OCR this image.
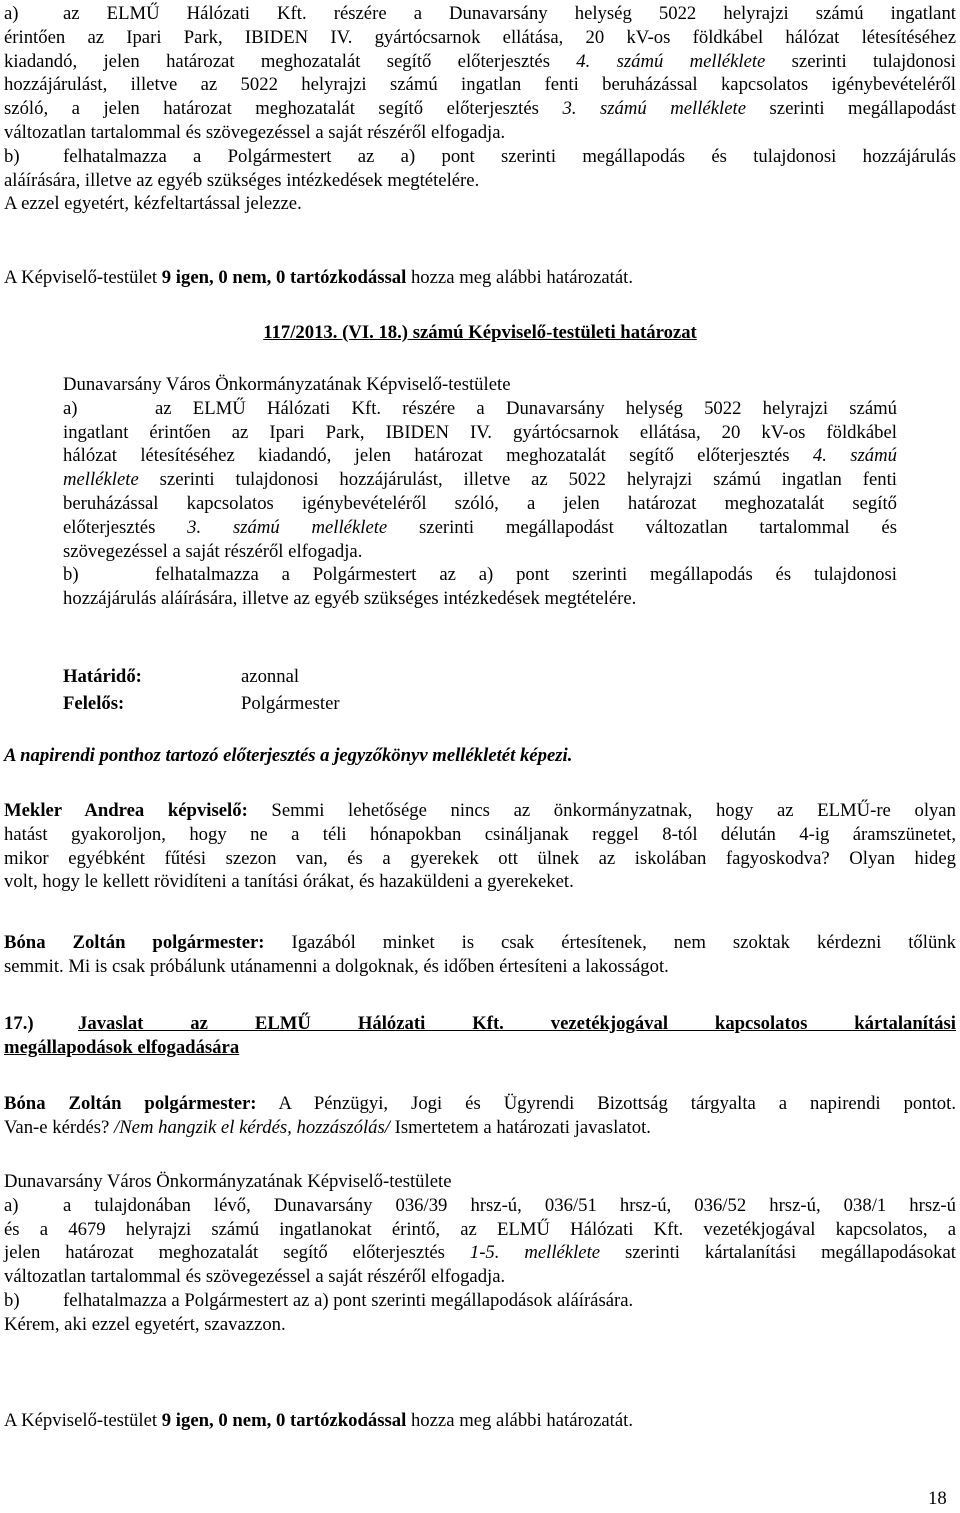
a) az ELMŰ Hálózati Kft. részére a Dunavarsány helység 5022 helyrajzi számú ingatlant
érintően az Ipari Park, IBIDEN IV. gyártócsarnok ellátása, 20 kV-os földkábel hálózat létesítéséhez
kiadandó, jelen határozat meghozatalát segítő előterjesztés 4. számú melléklete szerinti tulajdonosi
hozzájárulást, illetve az 5022 helyrajzi számú ingatlan fenti beruházással kapcsolatos igénybevételéről
szóló, a jelen határozat meghozatalát segítő előterjesztés 3. számú melléklete szerinti megállapodást
változatlan tartalommal és szövegezéssel a saját részéről elfogadja.
b) felhatalmazza a Polgármestert az a) pont szerinti megállapodás és tulajdonosi hozzájárulás
aláírására, illetve az egyéb szükséges intézkedések megtételére.
A ezzel egyetért, kézfeltartással jelezze.
A Képviselő-testület 9 igen, 0 nem, 0 tartózkodással hozza meg alábbi határozatát.
117/2013. (VI. 18.) számú Képviselő-testületi határozat
Dunavarsány Város Önkormányzatának Képviselő-testülete
a)	az ELMŰ Hálózati Kft. részére a Dunavarsány helység 5022 helyrajzi számú
ingatlant érintően az Ipari Park, IBIDEN IV. gyártócsarnok ellátása, 20 kV-os földkábel
hálózat létesítéséhez kiadandó, jelen határozat meghozatalát segítő előterjesztés 4. számú
melléklete szerinti tulajdonosi hozzájárulást, illetve az 5022 helyrajzi számú ingatlan fenti
beruházással kapcsolatos igénybevételéről szóló, a jelen határozat meghozatalát segítő
előterjesztés 3. számú melléklete szerinti megállapodást változatlan tartalommal és
szövegezéssel a saját részéről elfogadja.
b)	felhatalmazza a Polgármestert az a) pont szerinti megállapodás és tulajdonosi
hozzájárulás aláírására, illetve az egyéb szükséges intézkedések megtételére.
Határidő:	azonnal
Felelős:	Polgármester
A napirendi ponthoz tartozó előterjesztés a jegyzőkönyv mellékletét képezi.
Mekler Andrea képviselő: Semmi lehetősége nincs az önkormányzatnak, hogy az ELMŰ-re olyan
hatást gyakoroljon, hogy ne a téli hónapokban csináljanak reggel 8-tól délután 4-ig áramszünetet,
mikor egyébként fűtési szezon van, és a gyerekek ott ülnek az iskolában fagyoskodva? Olyan hideg
volt, hogy le kellett rövidíteni a tanítási órákat, és hazaküldeni a gyerekeket.
Bóna Zoltán polgármester: Igazából minket is csak értesítenek, nem szoktak kérdezni tőlünk
semmit. Mi is csak próbálunk utánamenni a dolgoknak, és időben értesíteni a lakosságot.
17.) Javaslat az ELMŰ Hálózati Kft. vezetékjogával kapcsolatos kártalanítási
megállapodások elfogadására
Bóna Zoltán polgármester: A Pénzügyi, Jogi és Ügyrendi Bizottság tárgyalta a napirendi pontot.
Van-e kérdés? /Nem hangzik el kérdés, hozzászólás/ Ismertetem a határozati javaslatot.
Dunavarsány Város Önkormányzatának Képviselő-testülete
a) a tulajdonában lévő, Dunavarsány 036/39 hrsz-ú, 036/51 hrsz-ú, 036/52 hrsz-ú, 038/1 hrsz-ú
és a 4679 helyrajzi számú ingatlanokat érintő, az ELMŰ Hálózati Kft. vezetékjogával kapcsolatos, a
jelen határozat meghozatalát segítő előterjesztés 1-5. melléklete szerinti kártalanítási megállapodásokat
változatlan tartalommal és szövegezéssel a saját részéről elfogadja.
b) felhatalmazza a Polgármestert az a) pont szerinti megállapodások aláírására.
Kérem, aki ezzel egyetért, szavazzon.
A Képviselő-testület 9 igen, 0 nem, 0 tartózkodással hozza meg alábbi határozatát.
18
